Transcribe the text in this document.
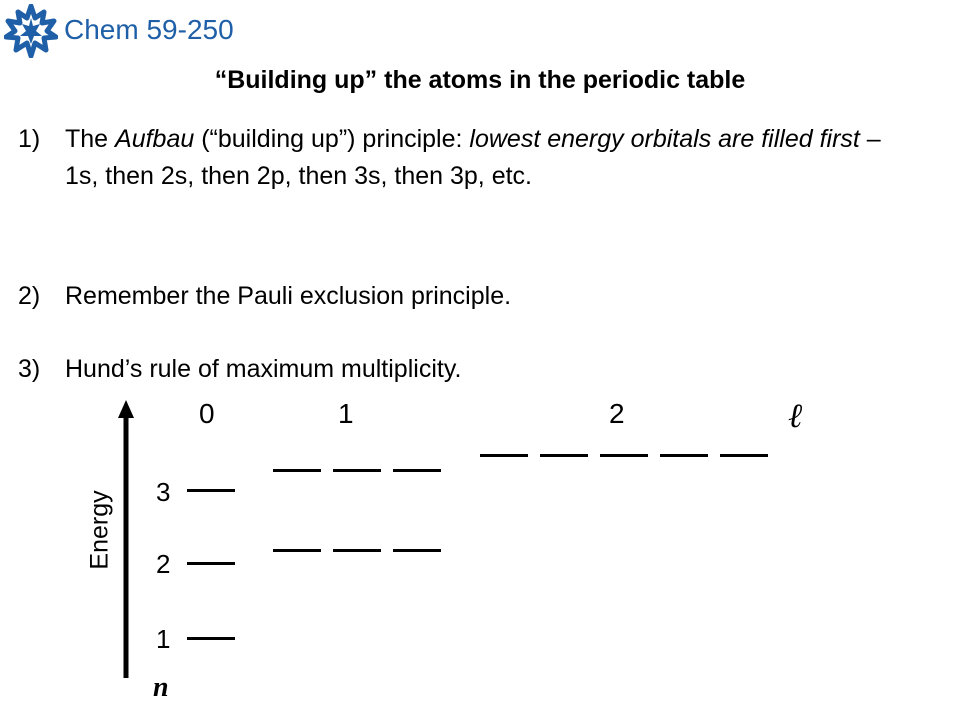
Chem 59-250
“Building up” the atoms in the periodic table
1) The Aufbau (“building up”) principle: lowest energy orbitals are filled first – 1s, then 2s, then 2p, then 3s, then 3p, etc.
2) Remember the Pauli exclusion principle.
3) Hund’s rule of maximum multiplicity.
0	1	2	ℓ
Energy 3
2
1
n
